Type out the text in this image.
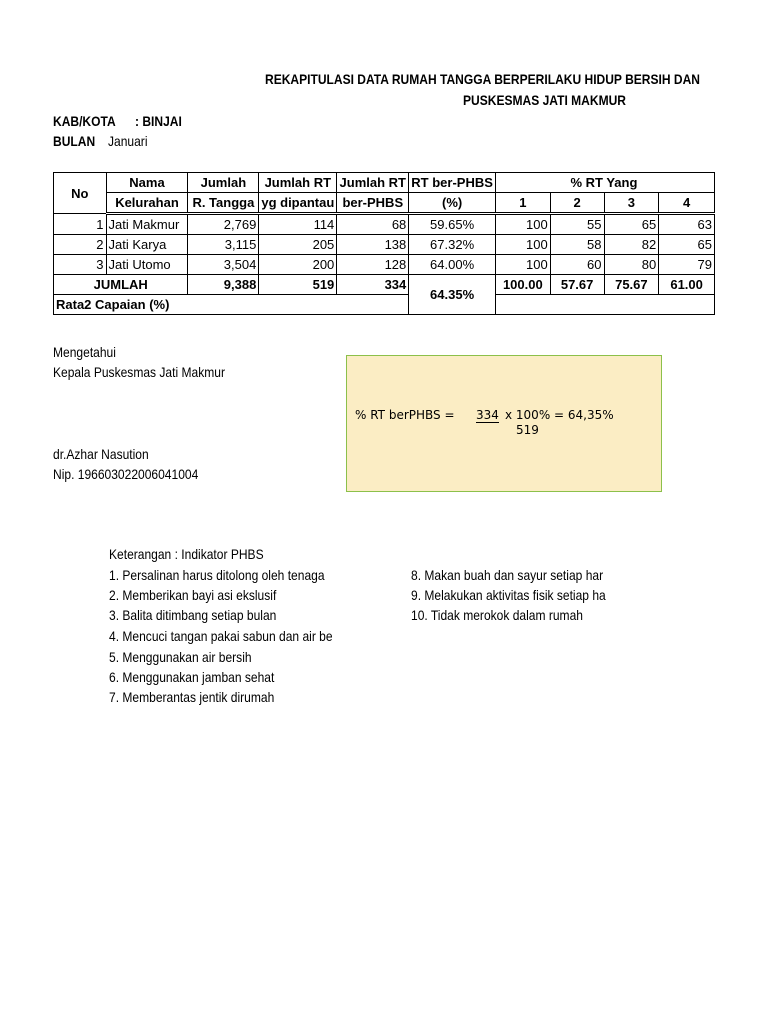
REKAPITULASI DATA RUMAH TANGGA BERPERILAKU HIDUP BERSIH DAN
PUSKESMAS JATI MAKMUR
KAB/KOTA : BINJAI
BULAN Januari
No	Nama	Jumlah	Jumlah RT	Jumlah RT	RT ber-PHBS	% RT Yang			
	Kelurahan	R. Tangga	yg dipantau	ber-PHBS	(%)	1	2	3	4
1	Jati Makmur	2,769	114	68	59.65%	100	55	65	63
2	Jati Karya	3,115	205	138	67.32%	100	58	82	65
3	Jati Utomo	3,504	200	128	64.00%	100	60	80	79
JUMLAH		9,388	519	334	64.35%	100.00	57.67	75.67	61.00
Rata2 Capaian (%)									
Mengetahui
Kepala Puskesmas Jati Makmur
dr.Azhar Nasution
Nip. 196603022006041004
% RT berPHBS = 334 x 100% = 64,35%
519
Keterangan : Indikator PHBS
1. Persalinan harus ditolong oleh tenaga
2. Memberikan bayi asi ekslusif
3. Balita ditimbang setiap bulan
4. Mencuci tangan pakai sabun dan air be
5. Menggunakan air bersih
6. Menggunakan jamban sehat
7. Memberantas jentik dirumah
8. Makan buah dan sayur setiap har
9. Melakukan aktivitas fisik setiap ha
10. Tidak merokok dalam rumah
